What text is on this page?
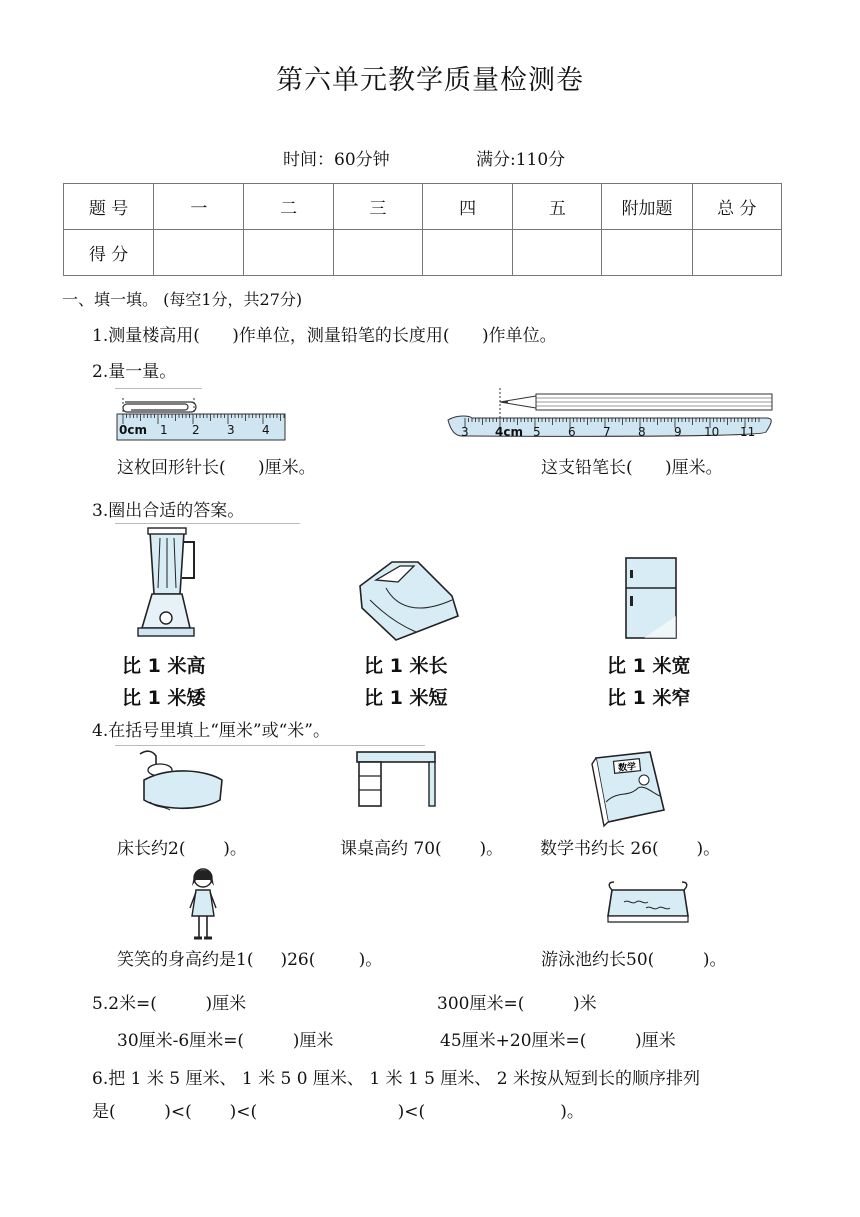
第六单元教学质量检测卷
时间：60分钟	满分:110分
题 号	一	二	三	四	五	附加题	总 分
得 分							
一、填一填。 (每空1分，共27分)
1.测量楼高用(      )作单位，测量铅笔的长度用(      )作单位。
2.量一量。
0cm 1 2 3 4	3 4cm 5 6 7 8 9 10 11
这枚回形针长(      )厘米。	这支铅笔长(      )厘米。
3.圈出合适的答案。
比 1 米高
比 1 米矮
比 1 米长
比 1 米短
比 1 米宽
比 1 米窄
4.在括号里填上“厘米”或“米”。
数学
床长约2(       )。	课桌高约 70(       )。 数学书约长 26(       )。
笑笑的身高约是1(     )26(        )。	游泳池约长50(         )。
5.2米=(         )厘米	300厘米=(         )米
30厘米-6厘米=(         )厘米	45厘米+20厘米=(         )厘米
6.把 1 米 5 厘米、 1 米 5 0 厘米、 1 米 1 5 厘米、 2 米按从短到长的顺序排列
是(         )<(       )<(                          )<(                         )。
